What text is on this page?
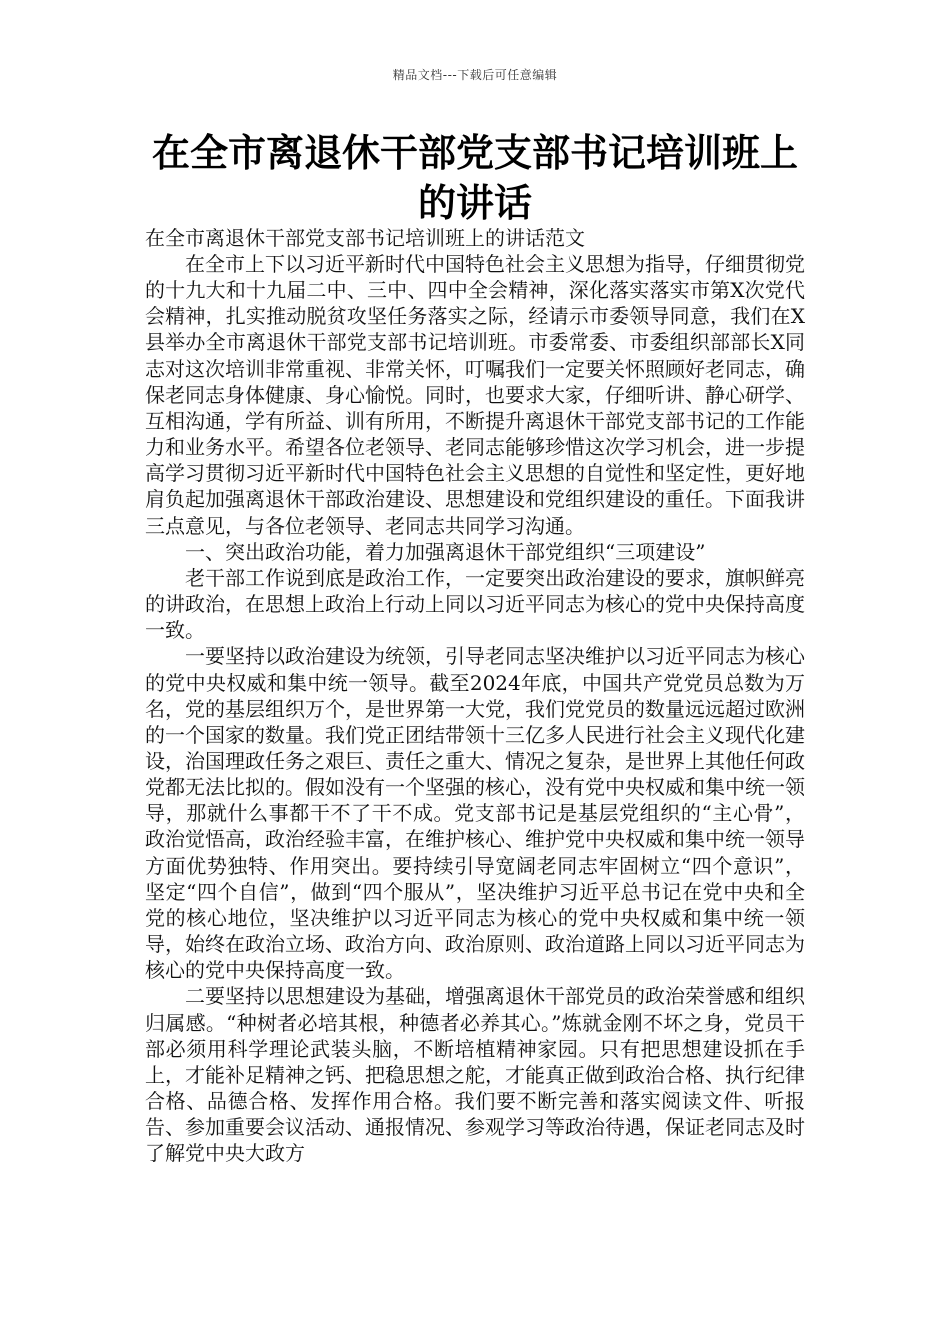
精品文档---下载后可任意编辑
在全市离退休干部党支部书记培训班上的讲话
在全市离退休干部党支部书记培训班上的讲话范文

在全市上下以习近平新时代中国特色社会主义思想为指导，仔细贯彻党的十九大和十九届二中、三中、四中全会精神，深化落实落实市第X次党代会精神，扎实推动脱贫攻坚任务落实之际，经请示市委领导同意，我们在X县举办全市离退休干部党支部书记培训班。市委常委、市委组织部部长X同志对这次培训非常重视、非常关怀，叮嘱我们一定要关怀照顾好老同志，确保老同志身体健康、身心愉悦。同时，也要求大家，仔细听讲、静心研学、互相沟通，学有所益、训有所用，不断提升离退休干部党支部书记的工作能力和业务水平。希望各位老领导、老同志能够珍惜这次学习机会，进一步提高学习贯彻习近平新时代中国特色社会主义思想的自觉性和坚定性，更好地肩负起加强离退休干部政治建设、思想建设和党组织建设的重任。下面我讲三点意见，与各位老领导、老同志共同学习沟通。

一、突出政治功能，着力加强离退休干部党组织“三项建设”

老干部工作说到底是政治工作，一定要突出政治建设的要求，旗帜鲜亮的讲政治，在思想上政治上行动上同以习近平同志为核心的党中央保持高度一致。

一要坚持以政治建设为统领，引导老同志坚决维护以习近平同志为核心的党中央权威和集中统一领导。截至2024年底，中国共产党党员总数为万名，党的基层组织万个，是世界第一大党，我们党党员的数量远远超过欧洲的一个国家的数量。我们党正团结带领十三亿多人民进行社会主义现代化建设，治国理政任务之艰巨、责任之重大、情况之复杂，是世界上其他任何政党都无法比拟的。假如没有一个坚强的核心，没有党中央权威和集中统一领导，那就什么事都干不了干不成。党支部书记是基层党组织的“主心骨”，政治觉悟高，政治经验丰富，在维护核心、维护党中央权威和集中统一领导方面优势独特、作用突出。要持续引导宽阔老同志牢固树立“四个意识”，坚定“四个自信”，做到“四个服从”，坚决维护习近平总书记在党中央和全党的核心地位，坚决维护以习近平同志为核心的党中央权威和集中统一领导，始终在政治立场、政治方向、政治原则、政治道路上同以习近平同志为核心的党中央保持高度一致。

二要坚持以思想建设为基础，增强离退休干部党员的政治荣誉感和组织归属感。“种树者必培其根，种德者必养其心。”炼就金刚不坏之身，党员干部必须用科学理论武装头脑，不断培植精神家园。只有把思想建设抓在手上，才能补足精神之钙、把稳思想之舵，才能真正做到政治合格、执行纪律合格、品德合格、发挥作用合格。我们要不断完善和落实阅读文件、听报告、参加重要会议活动、通报情况、参观学习等政治待遇，保证老同志及时了解党中央大政方
